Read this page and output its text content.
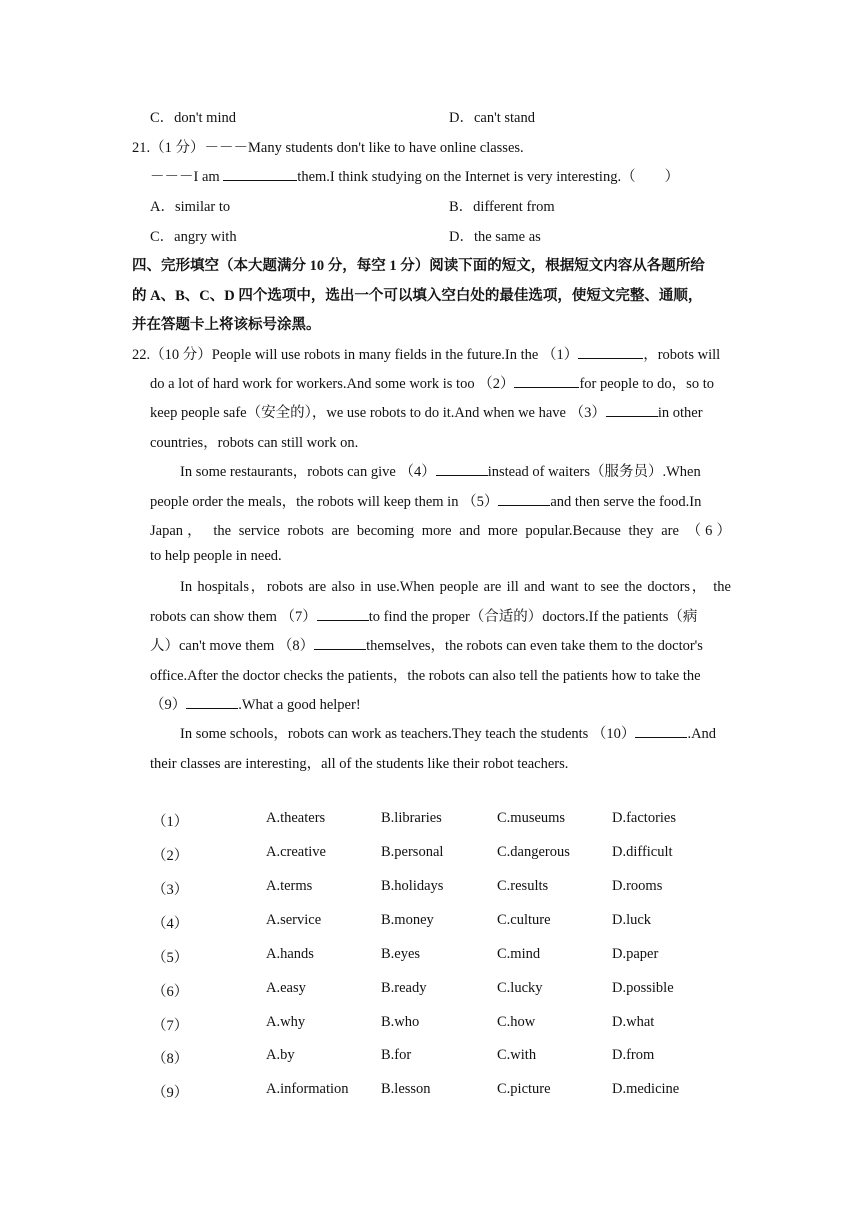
C．don't mind	D．can't stand
21.（1 分）－－－Many students don't like to have online classes.
－－－I am	them.I think studying on the Internet is very interesting.（　　）
A．similar to	B．different from
C．angry with	D．the same as
四、完形填空（本大题满分 10 分，每空 1 分）阅读下面的短文，根据短文内容从各题所给
的 A、B、C、D 四个选项中，选出一个可以填入空白处的最佳选项，使短文完整、通顺，
并在答题卡上将该标号涂黑。
22.（10 分）People will use robots in many fields in the future.In the （1）	，robots will
do a lot of hard work for workers.And some work is too （2）	for people to do，so to
keep people safe（安全的），we use robots to do it.And when we have （3）	in other
countries，robots can still work on.
In some restaurants，robots can give （4）	instead of waiters（服务员）.When
people order the meals，the robots will keep them in （5）	and then serve the food.In
Japan， the service robots are becoming more and more popular.Because they are （6）
to help people in need.
In hospitals，robots are also in use.When people are ill and want to see the doctors， the
robots can show them （7）	to find the proper（合适的）doctors.If the patients（病
人）can't move them （8）	themselves，the robots can even take them to the doctor's
office.After the doctor checks the patients，the robots can also tell the patients how to take the
（9）	.What a good helper!
In some schools，robots can work as teachers.They teach the students （10）	.And
their classes are interesting，all of the students like their robot teachers.
（1）	A.theaters	B.libraries	C.museums	D.factories
（2）	A.creative	B.personal	C.dangerous	D.difficult
（3）	A.terms	B.holidays	C.results	D.rooms
（4）	A.service	B.money	C.culture	D.luck
（5）	A.hands	B.eyes	C.mind	D.paper
（6）	A.easy	B.ready	C.lucky	D.possible
（7）	A.why	B.who	C.how	D.what
（8）	A.by	B.for	C.with	D.from
（9）	A.information B.lesson	C.picture	D.medicine
